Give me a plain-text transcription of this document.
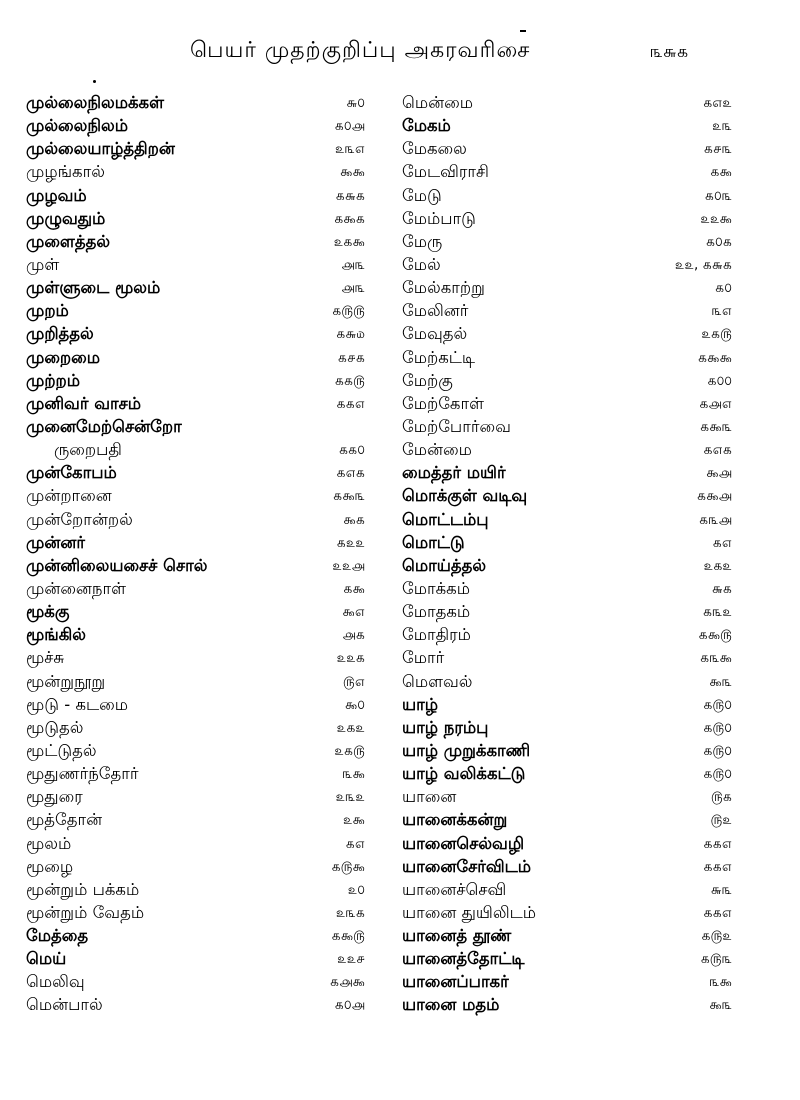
பெயர் முதற்குறிப்பு அகரவரிசை	௩௬௧
முல்லைநிலமக்கள்	௬௦
முல்லைநிலம்	௧௦௮
முல்லையாழ்த்திறன்	௨௩௭
முழங்கால்	௯௯
முழவம்	௧௬௧
முழுவதும்	௧௯௧
முளைத்தல்	௨௧௯
முள்	௮௩
முள்ளுடை மூலம்	௮௩
முறம்	௧௫௫
முறித்தல்	௧௬௰
முறைமை	௧௪௧
முற்றம்	௧௧௫
முனிவர் வாசம்	௧௧௭
முனைமேற்சென்றோ
ருறைபதி	௧௧௦
முன்கோபம்	௧௭௧
முன்றானை	௧௯௩
முன்றோன்றல்	௯௧
முன்னர்	௧௨௨
முன்னிலையசைச் சொல்	௨௨௮
முன்னைநாள்	௧௯
மூக்கு	௯௭
மூங்கில்	௮௧
மூச்சு	௨௨௧
மூன்றுநூறு	௫௭
மூடு - கடமை	௯௦
மூடுதல்	௨௧௨
மூட்டுதல்	௨௧௫
மூதுணர்ந்தோர்	௩௯
மூதுரை	௨௩௨
மூத்தோன்	௨௯
மூலம்	௧௭
மூழை	௧௫௯
மூன்றும் பக்கம்	௨௦
மூன்றும் வேதம்	௨௩௧
மேத்தை	௧௯௫
மெய்	௨௨௪
மெலிவு	௧௮௯
மென்பால்	௧௦௮
மென்மை	௧௭௨
மேகம்	௨௩
மேகலை	௧௪௩
மேடவிராசி	௧௯
மேடு	௧௦௩
மேம்பாடு	௨௨௯
மேரு	௧௦௧
மேல்	௨௨, ௧௬௧
மேல்காற்று	௧௦
மேலினர்	௩௭
மேவுதல்	௨௧௫
மேற்கட்டி	௧௯௯
மேற்கு	௧௦௦
மேற்கோள்	௧௮௭
மேற்போர்வை	௧௯௩
மேன்மை	௧௭௧
மைத்தர் மயிர்	௯௮
மொக்குள் வடிவு	௧௯௮
மொட்டம்பு	௧௩௮
மொட்டு	௧௭
மொய்த்தல்	௨௧௨
மோக்கம்	௬௧
மோதகம்	௧௩௨
மோதிரம்	௧௯௫
மோர்	௧௩௯
மௌவல்	௯௩
யாழ்	௧௫௦
யாழ் நரம்பு	௧௫௦
யாழ் முறுக்காணி	௧௫௦
யாழ் வலிக்கட்டு	௧௫௦
யானை	௫௧
யானைக்கன்று	௫௨
யானைசெல்வழி	௧௧௭
யானைசேர்விடம்	௧௧௭
யானைச்செவி	௬௩
யானை துயிலிடம்	௧௧௭
யானைத் தூண்	௧௫௨
யானைத்தோட்டி	௧௫௩
யானைப்பாகர்	௩௯
யானை மதம்	௯௩
